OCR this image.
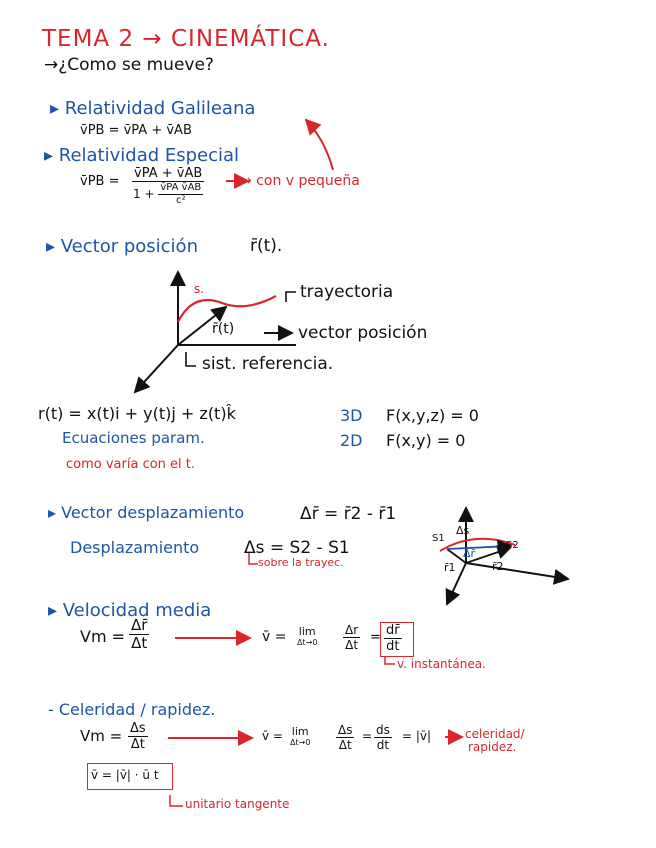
TEMA 2 → CINEMÁTICA.
→¿Como se mueve?
▸ Relatividad Galileana
v̄PB = v̄PA + v̄AB
▸ Relatividad Especial
v̄PB = $\frac{v̄PA + v̄AB}{1 + \frac{\text{v̄PA v̄AB}}{\text{c²}}}$	→ con v pequeña
▸ Vector posición	r̄(t).
s.	trayectoria
r̄(t)	vector posición
sist. referencia.
r(t) = x(t)i + y(t)j + z(t)k̂
Ecuaciones param.
como varía con el t.
3D F(x,y,z) = 0
2D F(x,y) = 0
▸ Vector desplazamiento	Δr̄ = r̄2 - r̄1
Desplazamiento	Δs = S2 - S1
sobre la trayec.
Δs
S1
S2
Δr̄
r̄1	r̄2
▸ Velocidad media
$Vm = \frac{\Delta r̄}{\Delta t}$	v̄ = lim
$\Delta t\to 0 \frac{\Delta r}{\Delta t} = \frac{dr̄}{dt}$
v. instantánea.
- Celeridad / rapidez.
$Vm = \frac{\Delta s}{\Delta t}$	v̄ = lim
$\Delta t\to 0 \frac{\Delta s}{\Delta t} = \frac{ds}{dt}$ = |v̄|	celeridad/
rapidez.
v̄ = |v̄| · ū t
unitario tangente
